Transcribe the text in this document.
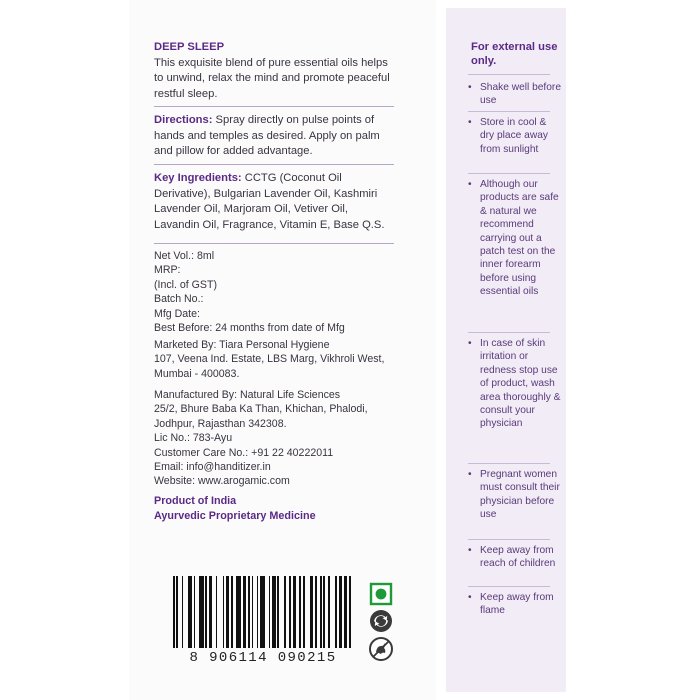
DEEP SLEEP
This exquisite blend of pure essential oils helps to unwind, relax the mind and promote peaceful restful sleep.
Directions: Spray directly on pulse points of hands and temples as desired. Apply on palm and pillow for added advantage.
Key Ingredients: CCTG (Coconut Oil Derivative), Bulgarian Lavender Oil, Kashmiri Lavender Oil, Marjoram Oil, Vetiver Oil, Lavandin Oil, Fragrance, Vitamin E, Base Q.S.
Net Vol.: 8ml
MRP:
(Incl. of GST)
Batch No.:
Mfg Date:
Best Before: 24 months from date of Mfg
Marketed By: Tiara Personal Hygiene
107, Veena Ind. Estate, LBS Marg, Vikhroli West,
Mumbai - 400083.
Manufactured By: Natural Life Sciences
25/2, Bhure Baba Ka Than, Khichan, Phalodi,
Jodhpur, Rajasthan 342308.
Lic No.: 783-Ayu
Customer Care No.: +91 22 40222011
Email: info@handitizer.in
Website: www.arogamic.com
Product of India
Ayurvedic Proprietary Medicine
8 906114 090215
For external use only.
• Shake well before use
• Store in cool & dry place away from sunlight
• Although our products are safe & natural we recommend carrying out a patch test on the inner forearm before using essential oils
• In case of skin irritation or redness stop use of product, wash area thoroughly & consult your physician
• Pregnant women must consult their physician before use
• Keep away from reach of children
• Keep away from flame
